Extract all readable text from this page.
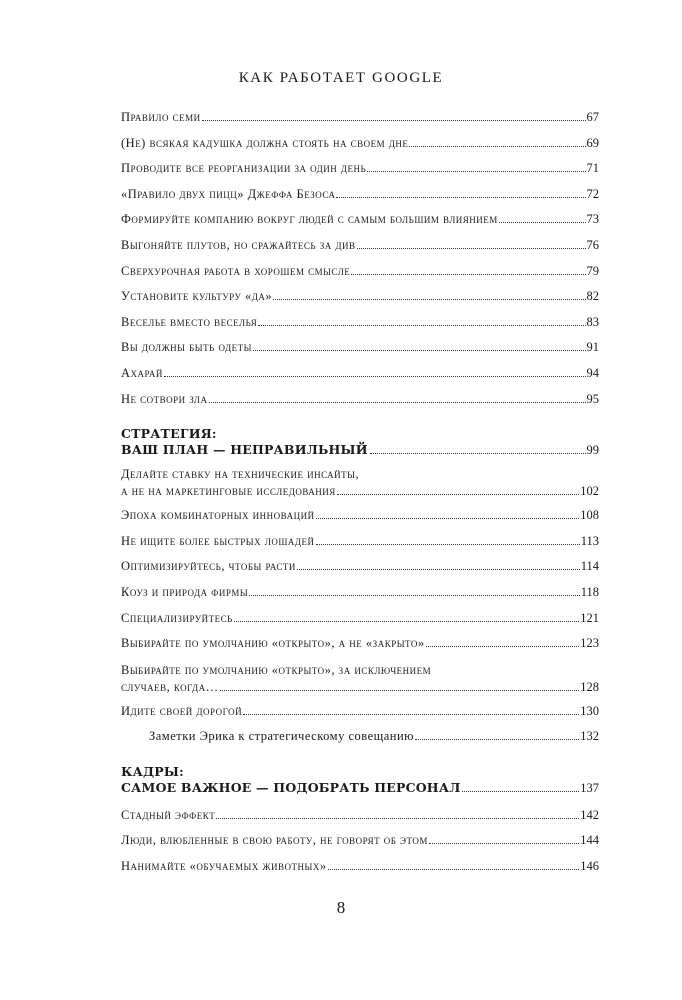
КАК РАБОТАЕТ GOOGLE
Правило семи	67
(Не) всякая кадушка должна стоять на своем дне	69
Проводите все реорганизации за один день	71
«Правило двух пицц» Джеффа Безоса	72
Формируйте компанию вокруг людей с самым большим влиянием	73
Выгоняйте плутов, но сражайтесь за див	76
Сверхурочная работа в хорошем смысле	79
Установите культуру «да»	82
Веселье вместо веселья	83
Вы должны быть одеты	91
Ахарай	94
Не сотвори зла	95
СТРАТЕГИЯ:
ВАШ ПЛАН — НЕПРАВИЛЬНЫЙ	99
Делайте ставку на технические инсайты,
а не на маркетинговые исследования	102
Эпоха комбинаторных инноваций	108
Не ищите более быстрых лошадей	113
Оптимизируйтесь, чтобы расти	114
Коуз и природа фирмы	118
Специализируйтесь	121
Выбирайте по умолчанию «открыто», а не «закрыто»	123
Выбирайте по умолчанию «открыто», за исключением
случаев, когда…	128
Идите своей дорогой	130
Заметки Эрика к стратегическому совещанию	132
КАДРЫ:
САМОЕ ВАЖНОЕ — ПОДОБРАТЬ ПЕРСОНАЛ	137
Стадный эффект	142
Люди, влюбленные в свою работу, не говорят об этом	144
Нанимайте «обучаемых животных»	146
8
